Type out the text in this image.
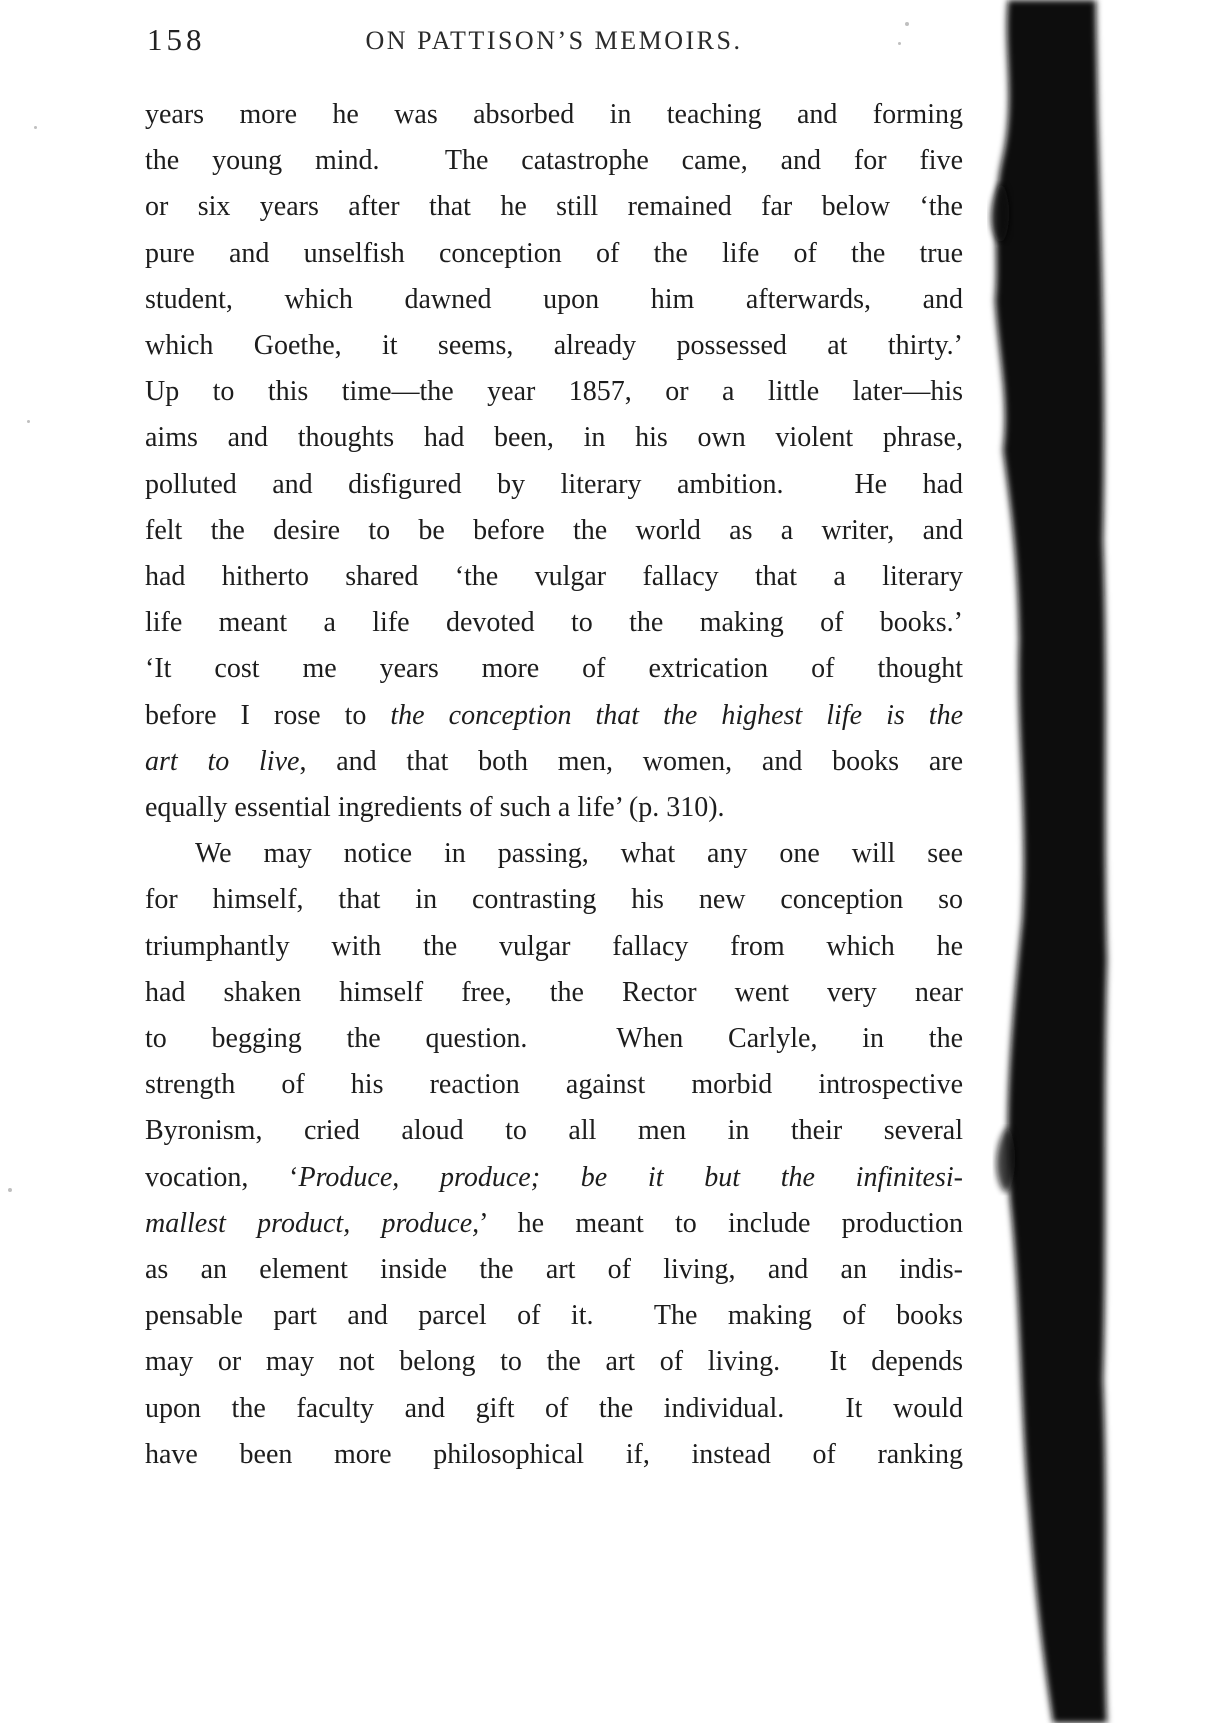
158	ON PATTISON’S MEMOIRS.
years more he was absorbed in teaching and forming
the young mind.  The catastrophe came, and for five
or six years after that he still remained far below ‘the
pure and unselfish conception of the life of the true
student, which dawned upon him afterwards, and
which Goethe, it seems, already possessed at thirty.’
Up to this time—the year 1857, or a little later—his
aims and thoughts had been, in his own violent phrase,
polluted and disfigured by literary ambition.  He had
felt the desire to be before the world as a writer, and
had hitherto shared ‘the vulgar fallacy that a literary
life meant a life devoted to the making of books.’
‘It cost me years more of extrication of thought
before I rose to the conception that the highest life is the
art to live, and that both men, women, and books are
equally essential ingredients of such a life’ (p. 310).
We may notice in passing, what any one will see
for himself, that in contrasting his new conception so
triumphantly with the vulgar fallacy from which he
had shaken himself free, the Rector went very near
to begging the question.  When Carlyle, in the
strength of his reaction against morbid introspective
Byronism, cried aloud to all men in their several
vocation, ‘Produce, produce; be it but the infinitesi-
mallest product, produce,’ he meant to include production
as an element inside the art of living, and an indis-
pensable part and parcel of it.  The making of books
may or may not belong to the art of living.  It depends
upon the faculty and gift of the individual.  It would
have been more philosophical if, instead of ranking
